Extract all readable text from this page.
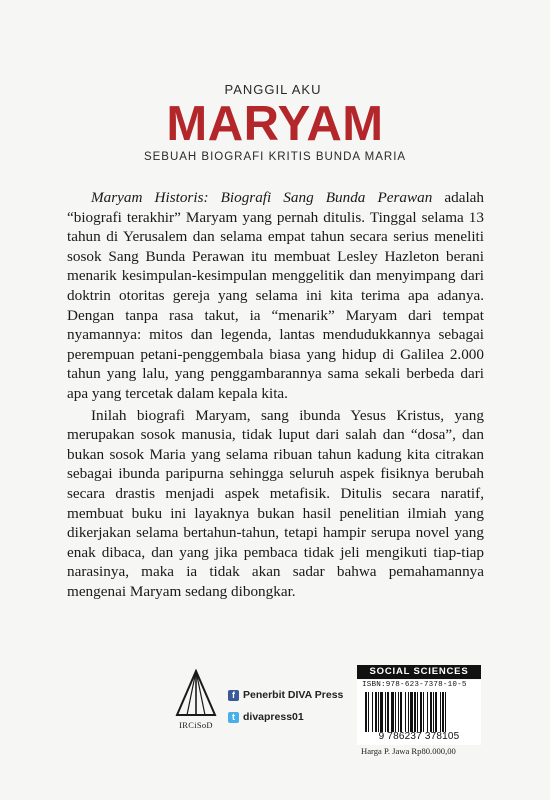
PANGGIL AKU
MARYAM
SEBUAH BIOGRAFI KRITIS BUNDA MARIA

Maryam Historis: Biografi Sang Bunda Perawan adalah “biografi terakhir” Maryam yang pernah ditulis. Tinggal selama 13 tahun di Yerusalem dan selama empat tahun secara serius meneliti sosok Sang Bunda Perawan itu membuat Lesley Hazleton berani menarik kesimpulan-kesimpulan menggelitik dan menyimpang dari doktrin otoritas gereja yang selama ini kita terima apa adanya. Dengan tanpa rasa takut, ia “menarik” Maryam dari tempat nyamannya: mitos dan legenda, lantas mendudukkannya sebagai perempuan petani-penggembala biasa yang hidup di Galilea 2.000 tahun yang lalu, yang penggambarannya sama sekali berbeda dari apa yang tercetak dalam kepala kita.

Inilah biografi Maryam, sang ibunda Yesus Kristus, yang merupakan sosok manusia, tidak luput dari salah dan “dosa”, dan bukan sosok Maria yang selama ribuan tahun kadung kita citrakan sebagai ibunda paripurna sehingga seluruh aspek fisiknya berubah secara drastis menjadi aspek metafisik. Ditulis secara naratif, membuat buku ini layaknya bukan hasil penelitian ilmiah yang dikerjakan selama bertahun-tahun, tetapi hampir serupa novel yang enak dibaca, dan yang jika pembaca tidak jeli mengikuti tiap-tiap narasinya, maka ia tidak akan sadar bahwa pemahamannya mengenai Maryam sedang dibongkar.

IRCiSoD
f Penerbit DIVA Press
t divapress01
SOCIAL SCIENCES
ISBN:978-623-7378-10-5
9 786237 378105
Harga P. Jawa Rp80.000,00
